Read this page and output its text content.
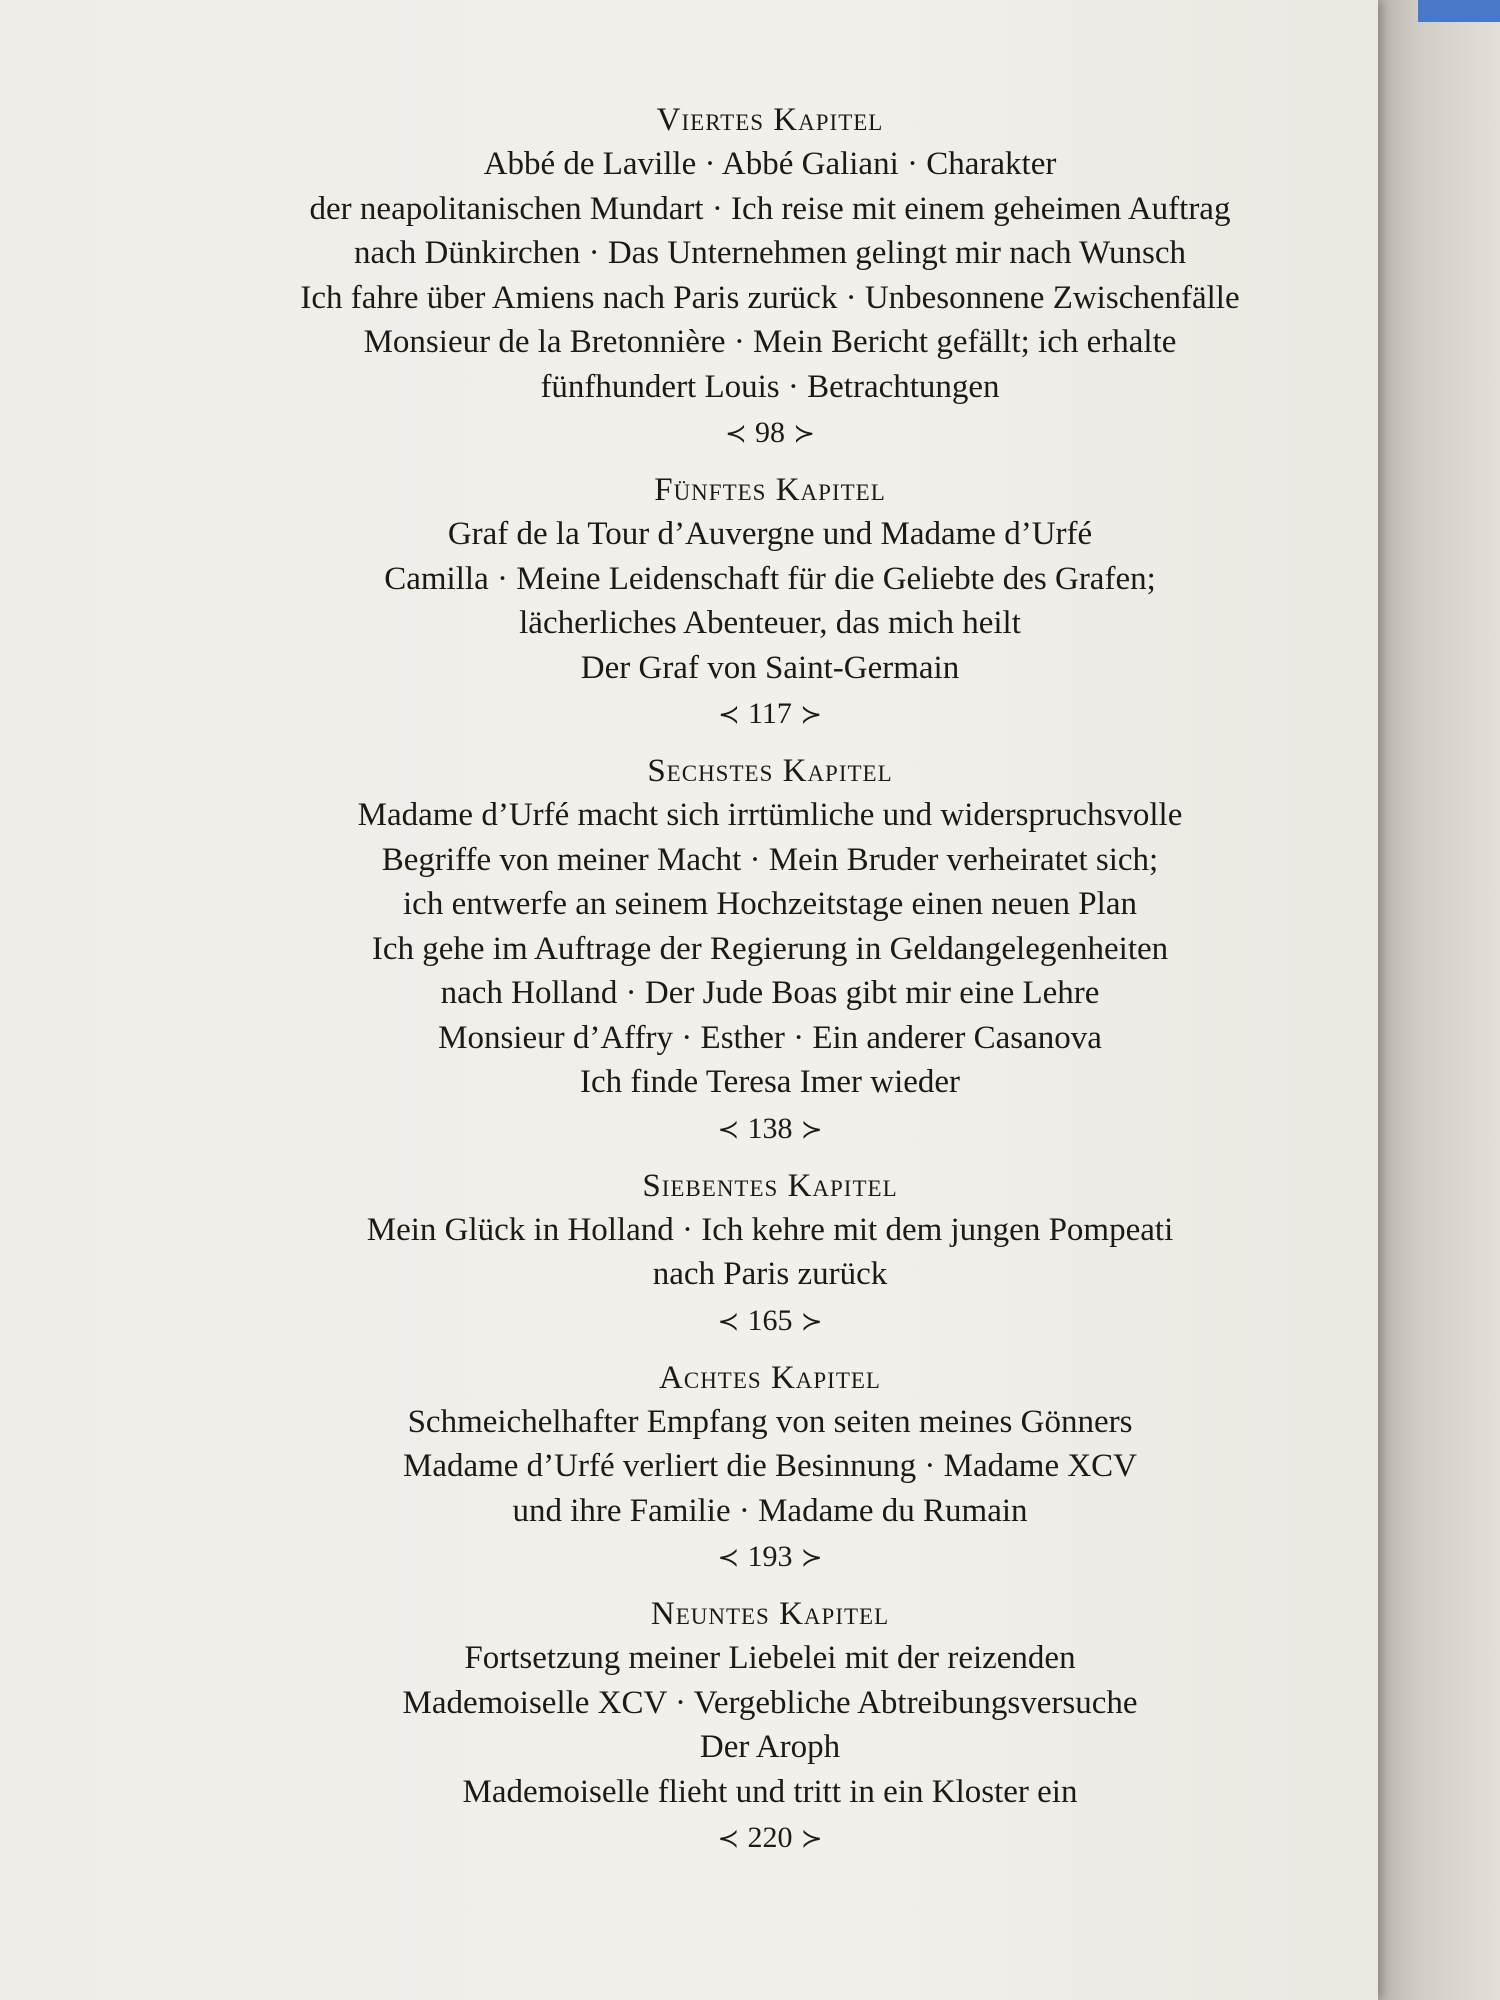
Viertes Kapitel
Abbé de Laville · Abbé Galiani · Charakter
der neapolitanischen Mundart · Ich reise mit einem geheimen Auftrag
nach Dünkirchen · Das Unternehmen gelingt mir nach Wunsch
Ich fahre über Amiens nach Paris zurück · Unbesonnene Zwischenfälle
Monsieur de la Bretonnière · Mein Bericht gefällt; ich erhalte
fünfhundert Louis · Betrachtungen
≺ 98 ≻
Fünftes Kapitel
Graf de la Tour d’Auvergne und Madame d’Urfé
Camilla · Meine Leidenschaft für die Geliebte des Grafen;
lächerliches Abenteuer, das mich heilt
Der Graf von Saint-Germain
≺ 117 ≻
Sechstes Kapitel
Madame d’Urfé macht sich irrtümliche und widerspruchsvolle
Begriffe von meiner Macht · Mein Bruder verheiratet sich;
ich entwerfe an seinem Hochzeitstage einen neuen Plan
Ich gehe im Auftrage der Regierung in Geldangelegenheiten
nach Holland · Der Jude Boas gibt mir eine Lehre
Monsieur d’Affry · Esther · Ein anderer Casanova
Ich finde Teresa Imer wieder
≺ 138 ≻
Siebentes Kapitel
Mein Glück in Holland · Ich kehre mit dem jungen Pompeati
nach Paris zurück
≺ 165 ≻
Achtes Kapitel
Schmeichelhafter Empfang von seiten meines Gönners
Madame d’Urfé verliert die Besinnung · Madame XCV
und ihre Familie · Madame du Rumain
≺ 193 ≻
Neuntes Kapitel
Fortsetzung meiner Liebelei mit der reizenden
Mademoiselle XCV · Vergebliche Abtreibungsversuche
Der Aroph
Mademoiselle flieht und tritt in ein Kloster ein
≺ 220 ≻
